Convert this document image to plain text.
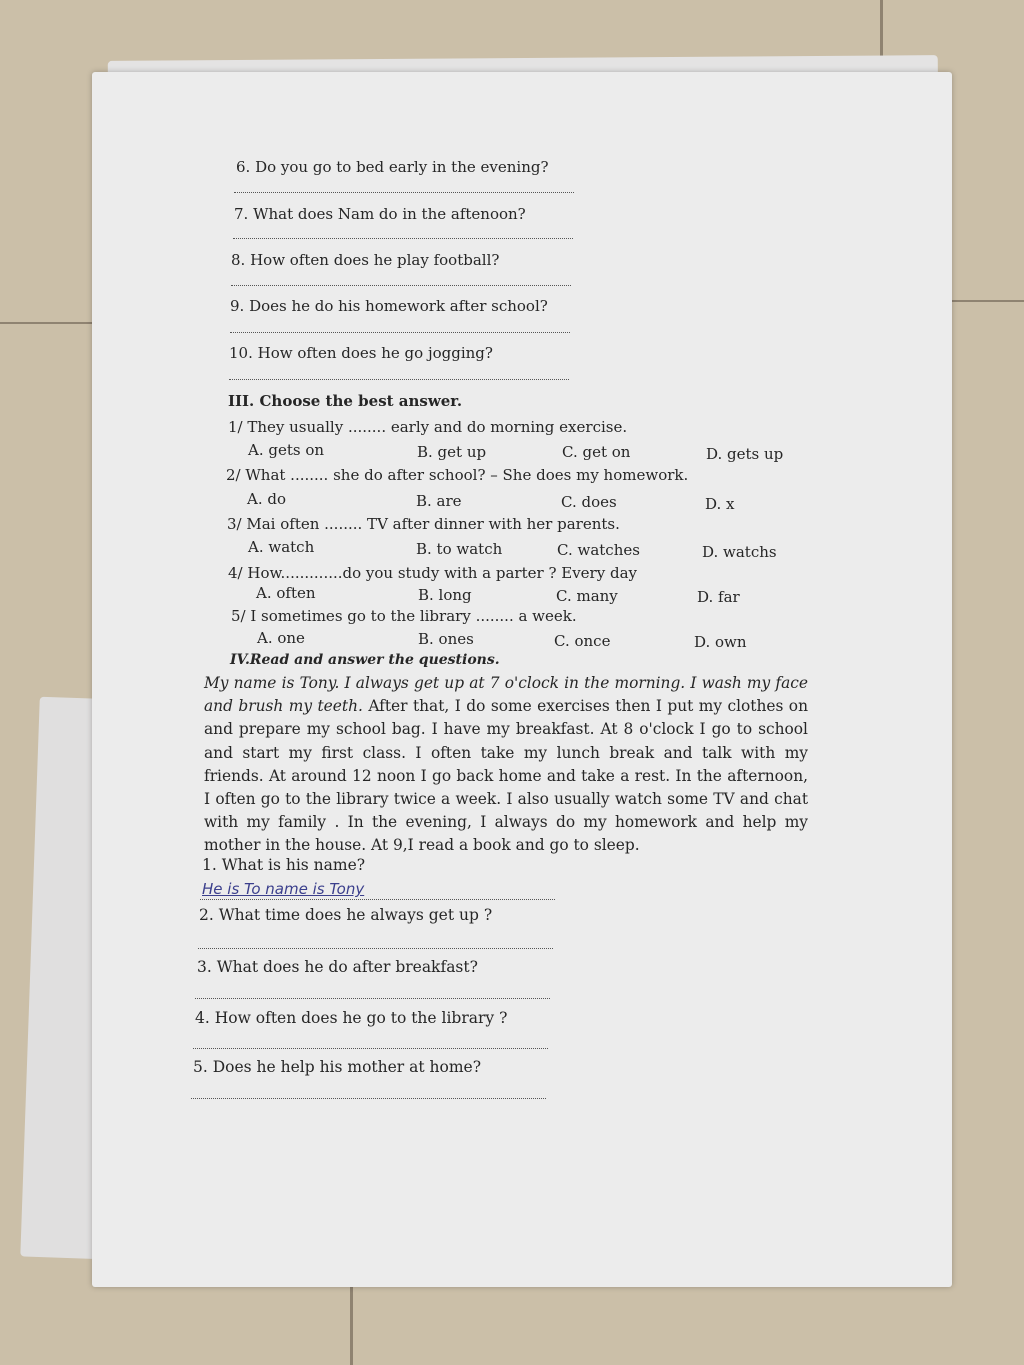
6. Do you go to bed early in the evening?
7. What does Nam do in the aftenoon?
8. How often does he play football?
9. Does he do his homework after school?
10. How often does he go jogging?
III. Choose the best answer.
1/ They usually ........ early and do morning exercise.
A. gets on	B. get up	C. get on	D. gets up
2/ What ........ she do after school? – She does my homework.
A. do	B. are	C. does	D. x
3/ Mai often ........ TV after dinner with her parents.
A. watch	B. to watch	C. watches	D. watchs
4/ How.............do you study with a parter ? Every day
A. often	B. long	C. many	D. far
5/ I sometimes go to the library ........ a week.
A. one	B. ones	C. once	D. own
IV.Read and answer the questions.
My name is Tony. I always get up at 7 o'clock in the morning. I wash my face and brush my teeth. After that, I do some exercises then I put my clothes on and prepare my school bag. I have my breakfast. At 8 o'clock I go to school and start my first class. I often take my lunch break and talk with my friends. At around 12 noon I go back home and take a rest. In the afternoon, I often go to the library twice a week. I also usually watch some TV and chat with my family . In the evening, I always do my homework and help my mother in the house. At 9,I read a book and go to sleep.
1. What is his name?
He is To name is Tony
2. What time does he always get up ?
3. What does he do after breakfast?
4. How often does he go to the library ?
5. Does he help his mother at home?
